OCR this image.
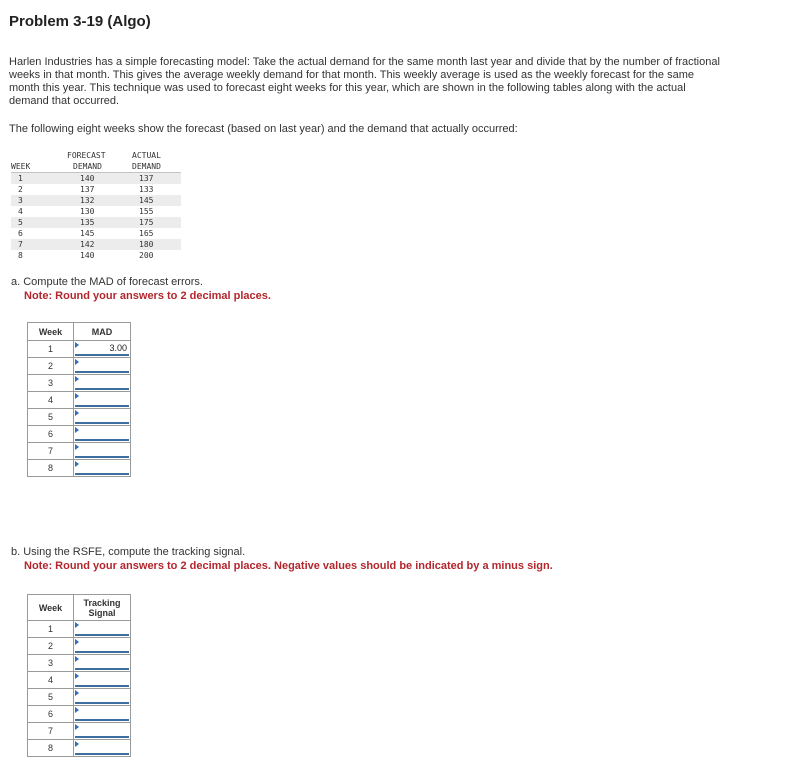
Problem 3-19 (Algo)

Harlen Industries has a simple forecasting model: Take the actual demand for the same month last year and divide that by the number of fractional weeks in that month. This gives the average weekly demand for that month. This weekly average is used as the weekly forecast for the same month this year. This technique was used to forecast eight weeks for this year, which are shown in the following tables along with the actual demand that occurred.

The following eight weeks show the forecast (based on last year) and the demand that actually occurred:

WEEK
FORECAST
DEMAND
ACTUAL
DEMAND
1	140	137
2	137	133
3	132	145
4	130	155
5	135	175
6	145	165
7	142	180
8	140	200
a. Compute the MAD of forecast errors.
Note: Round your answers to 2 decimal places.
Week	MAD
1	3.00

2	

3	

4	

5	

6	

7	

8	
b. Using the RSFE, compute the tracking signal.
Note: Round your answers to 2 decimal places. Negative values should be indicated by a minus sign.
Week	Tracking
Signal

1	

2	

3	

4	

5	

6	

7	

8	
